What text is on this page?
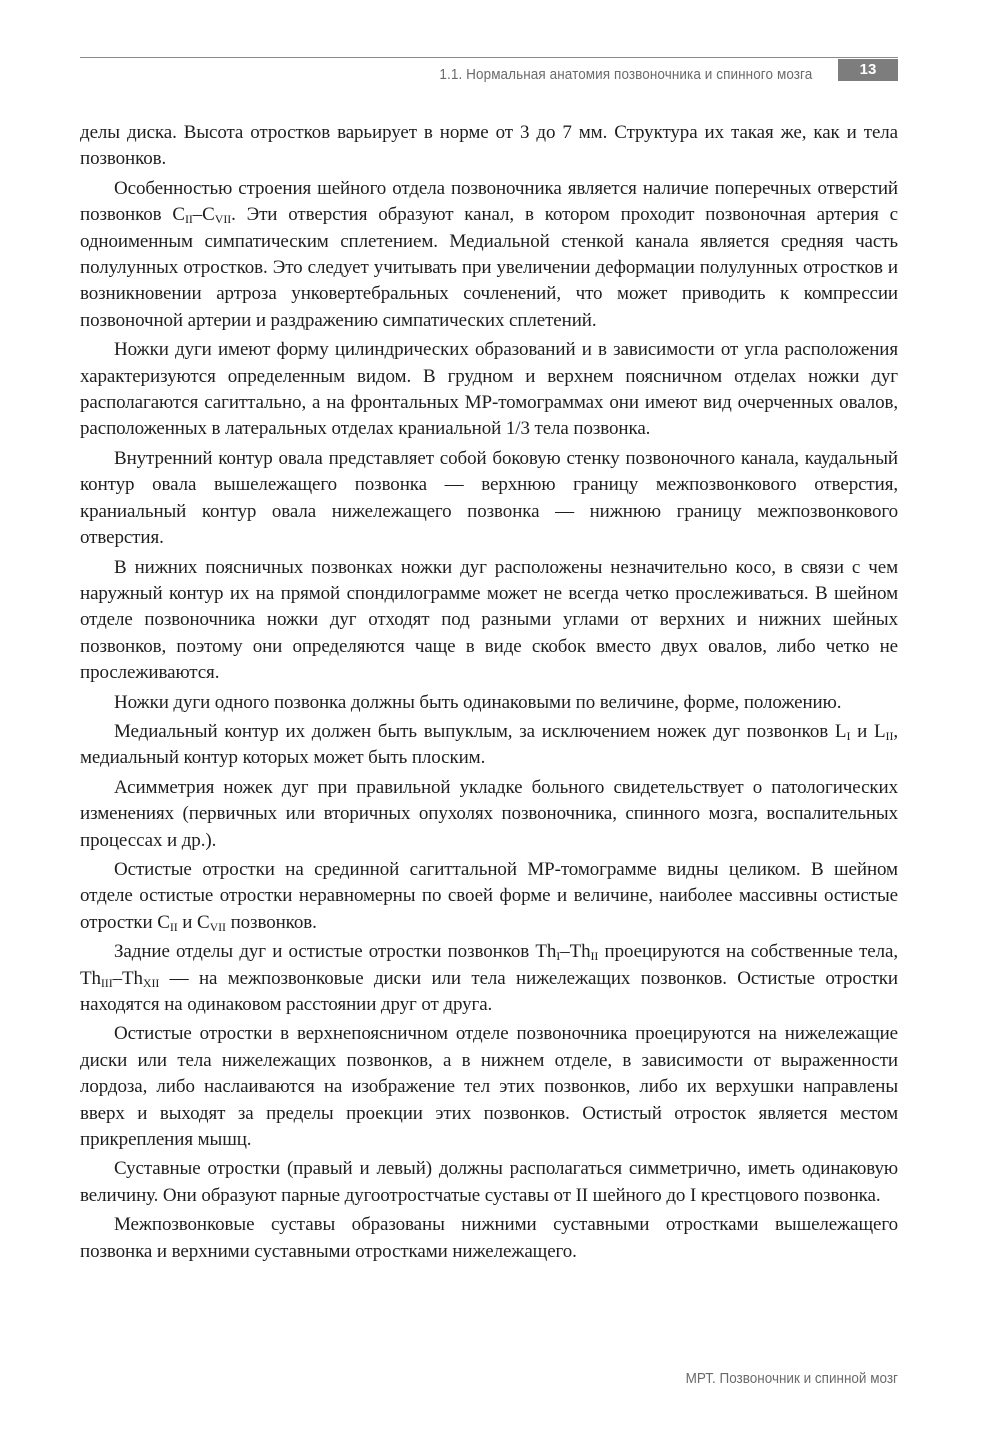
1.1. Нормальная анатомия позвоночника и спинного мозга	13

делы диска. Высота отростков варьирует в норме от 3 до 7 мм. Структура их такая же, как и тела позвонков.

Особенностью строения шейного отдела позвоночника является наличие поперечных отверстий позвонков $C_{II}-C_{VII}$. Эти отверстия образуют канал, в котором проходит позвоночная артерия с одноименным симпатическим сплетением. Медиальной стенкой канала является средняя часть полулунных отростков. Это следует учитывать при увеличении деформации полулунных отростков и возникновении артроза унковертебральных сочленений, что может приводить к компрессии позвоночной артерии и раздражению симпатических сплетений.

Ножки дуги имеют форму цилиндрических образований и в зависимости от угла расположения характеризуются определенным видом. В грудном и верхнем поясничном отделах ножки дуг располагаются сагиттально, а на фронтальных МР-томограммах они имеют вид очерченных овалов, расположенных в латеральных отделах краниальной 1/3 тела позвонка.

Внутренний контур овала представляет собой боковую стенку позвоночного канала, каудальный контур овала вышележащего позвонка — верхнюю границу межпозвонкового отверстия, краниальный контур овала нижележащего позвонка — нижнюю границу межпозвонкового отверстия.

В нижних поясничных позвонках ножки дуг расположены незначительно косо, в связи с чем наружный контур их на прямой спондилограмме может не всегда четко прослеживаться. В шейном отделе позвоночника ножки дуг отходят под разными углами от верхних и нижних шейных позвонков, поэтому они определяются чаще в виде скобок вместо двух овалов, либо четко не прослеживаются.

Ножки дуги одного позвонка должны быть одинаковыми по величине, форме, положению.

Медиальный контур их должен быть выпуклым, за исключением ножек дуг позвонков $L_I$ и $L_{II}$, медиальный контур которых может быть плоским.

Асимметрия ножек дуг при правильной укладке больного свидетельствует о патологических изменениях (первичных или вторичных опухолях позвоночника, спинного мозга, воспалительных процессах и др.).

Остистые отростки на срединной сагиттальной МР-томограмме видны целиком. В шейном отделе остистые отростки неравномерны по своей форме и величине, наиболее массивны остистые отростки $C_{II}$ и $C_{VII}$ позвонков.

Задние отделы дуг и остистые отростки позвонков $Th_I-Th_{II}$ проецируются на собственные тела, $Th_{III}-Th_{XII}$ — на межпозвонковые диски или тела нижележащих позвонков. Остистые отростки находятся на одинаковом расстоянии друг от друга.

Остистые отростки в верхнепоясничном отделе позвоночника проецируются на нижележащие диски или тела нижележащих позвонков, а в нижнем отделе, в зависимости от выраженности лордоза, либо наслаиваются на изображение тел этих позвонков, либо их верхушки направлены вверх и выходят за пределы проекции этих позвонков. Остистый отросток является местом прикрепления мышц.

Суставные отростки (правый и левый) должны располагаться симметрично, иметь одинаковую величину. Они образуют парные дугоотростчатые суставы от II шейного до I крестцового позвонка.

Межпозвонковые суставы образованы нижними суставными отростками вышележащего позвонка и верхними суставными отростками нижележащего.

МРТ. Позвоночник и спинной мозг
